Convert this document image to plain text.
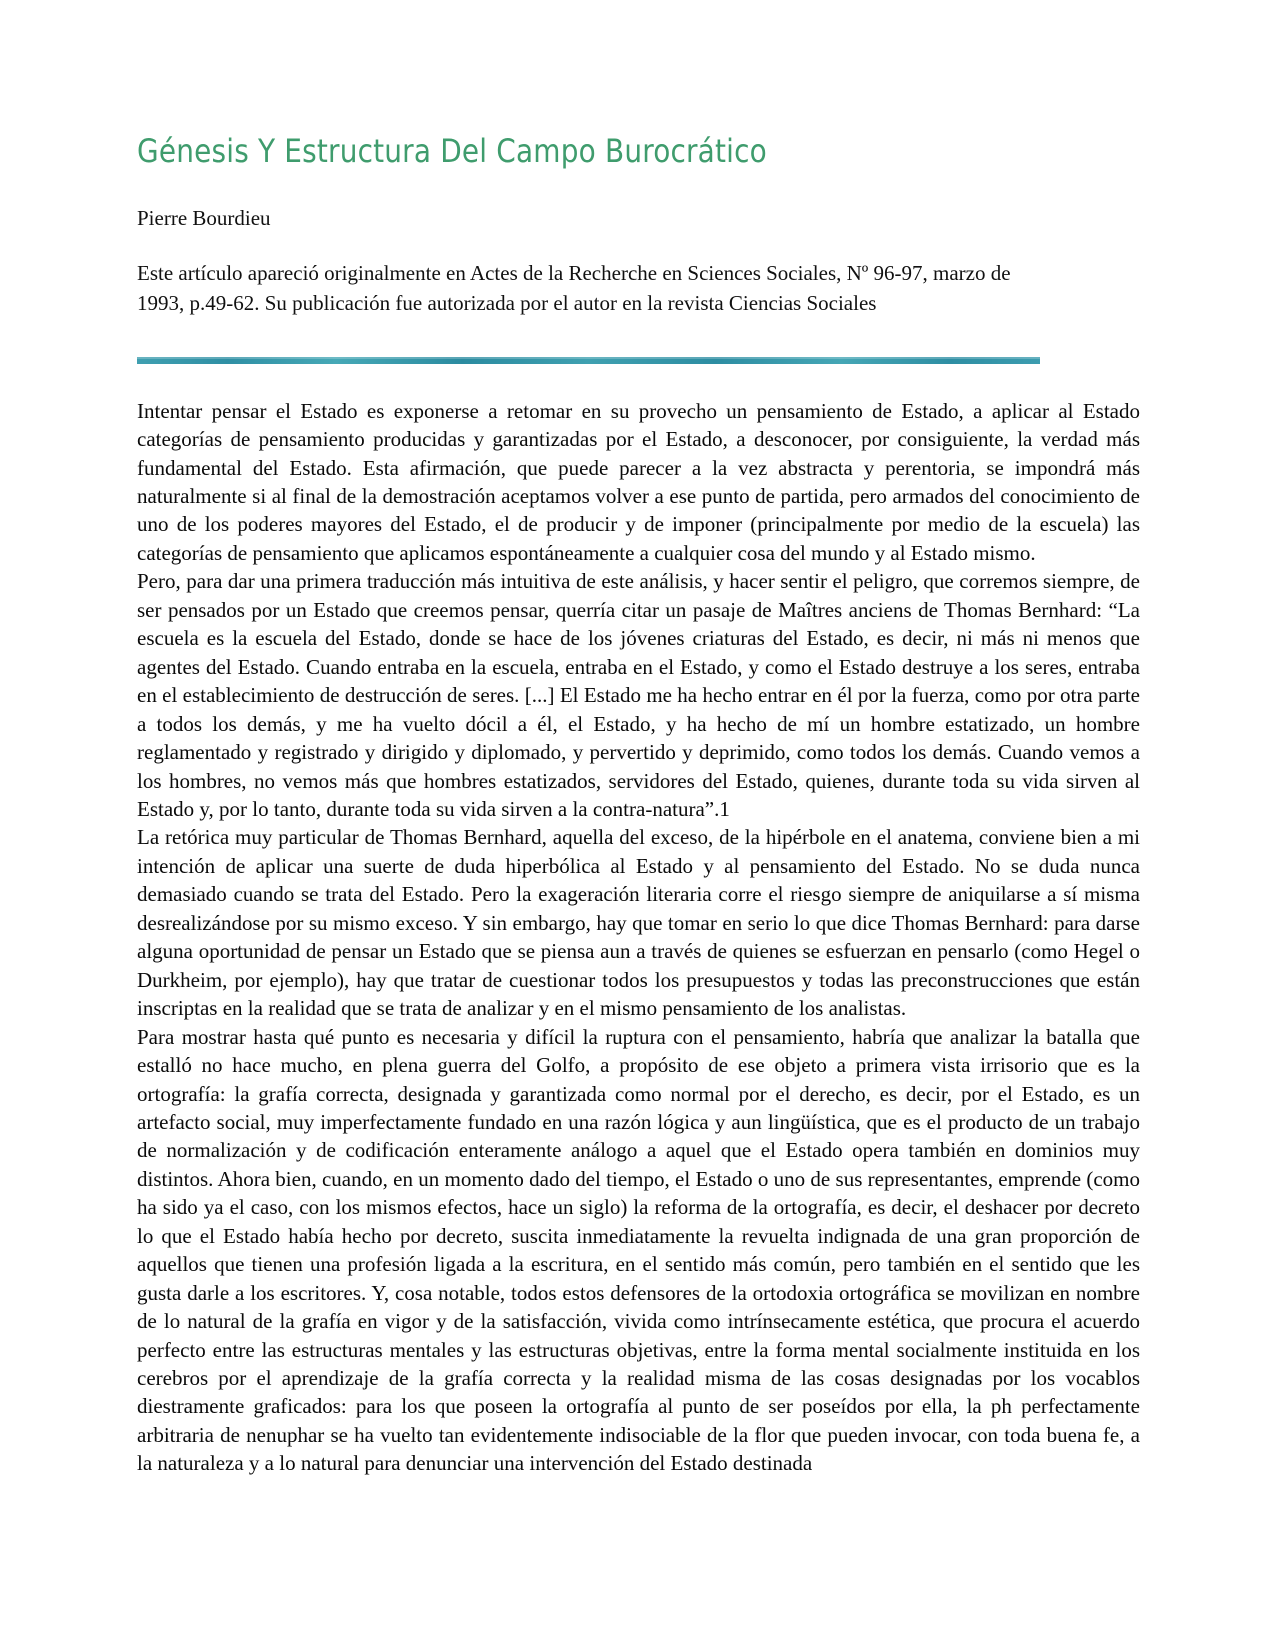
Génesis Y Estructura Del Campo Burocrático

Pierre Bourdieu

Este artículo apareció originalmente en Actes de la Recherche en Sciences Sociales, Nº 96-97, marzo de
1993, p.49-62. Su publicación fue autorizada por el autor en la revista Ciencias Sociales

Intentar pensar el Estado es exponerse a retomar en su provecho un pensamiento de Estado, a aplicar al Estado categorías de pensamiento producidas y garantizadas por el Estado, a desconocer, por consiguiente, la verdad más fundamental del Estado. Esta afirmación, que puede parecer a la vez abstracta y perentoria, se impondrá más naturalmente si al final de la demostración aceptamos volver a ese punto de partida, pero armados del conocimiento de uno de los poderes mayores del Estado, el de producir y de imponer (principalmente por medio de la escuela) las categorías de pensamiento que aplicamos espontáneamente a cualquier cosa del mundo y al Estado mismo.

Pero, para dar una primera traducción más intuitiva de este análisis, y hacer sentir el peligro, que corremos siempre, de ser pensados por un Estado que creemos pensar, querría citar un pasaje de Maîtres anciens de Thomas Bernhard: “La escuela es la escuela del Estado, donde se hace de los jóvenes criaturas del Estado, es decir, ni más ni menos que agentes del Estado. Cuando entraba en la escuela, entraba en el Estado, y como el Estado destruye a los seres, entraba en el establecimiento de destrucción de seres. [...] El Estado me ha hecho entrar en él por la fuerza, como por otra parte a todos los demás, y me ha vuelto dócil a él, el Estado, y ha hecho de mí un hombre estatizado, un hombre reglamentado y registrado y dirigido y diplomado, y pervertido y deprimido, como todos los demás. Cuando vemos a los hombres, no vemos más que hombres estatizados, servidores del Estado, quienes, durante toda su vida sirven al Estado y, por lo tanto, durante toda su vida sirven a la contra-natura”.1

La retórica muy particular de Thomas Bernhard, aquella del exceso, de la hipérbole en el anatema, conviene bien a mi intención de aplicar una suerte de duda hiperbólica al Estado y al pensamiento del Estado. No se duda nunca demasiado cuando se trata del Estado. Pero la exageración literaria corre el riesgo siempre de aniquilarse a sí misma desrealizándose por su mismo exceso. Y sin embargo, hay que tomar en serio lo que dice Thomas Bernhard: para darse alguna oportunidad de pensar un Estado que se piensa aun a través de quienes se esfuerzan en pensarlo (como Hegel o Durkheim, por ejemplo), hay que tratar de cuestionar todos los presupuestos y todas las preconstrucciones que están inscriptas en la realidad que se trata de analizar y en el mismo pensamiento de los analistas.

Para mostrar hasta qué punto es necesaria y difícil la ruptura con el pensamiento, habría que analizar la batalla que estalló no hace mucho, en plena guerra del Golfo, a propósito de ese objeto a primera vista irrisorio que es la ortografía: la grafía correcta, designada y garantizada como normal por el derecho, es decir, por el Estado, es un artefacto social, muy imperfectamente fundado en una razón lógica y aun lingüística, que es el producto de un trabajo de normalización y de codificación enteramente análogo a aquel que el Estado opera también en dominios muy distintos. Ahora bien, cuando, en un momento dado del tiempo, el Estado o uno de sus representantes, emprende (como ha sido ya el caso, con los mismos efectos, hace un siglo) la reforma de la ortografía, es decir, el deshacer por decreto lo que el Estado había hecho por decreto, suscita inmediatamente la revuelta indignada de una gran proporción de aquellos que tienen una profesión ligada a la escritura, en el sentido más común, pero también en el sentido que les gusta darle a los escritores. Y, cosa notable, todos estos defensores de la ortodoxia ortográfica se movilizan en nombre de lo natural de la grafía en vigor y de la satisfacción, vivida como intrínsecamente estética, que procura el acuerdo perfecto entre las estructuras mentales y las estructuras objetivas, entre la forma mental socialmente instituida en los cerebros por el aprendizaje de la grafía correcta y la realidad misma de las cosas designadas por los vocablos diestramente graficados: para los que poseen la ortografía al punto de ser poseídos por ella, la ph perfectamente arbitraria de nenuphar se ha vuelto tan evidentemente indisociable de la flor que pueden invocar, con toda buena fe, a la naturaleza y a lo natural para denunciar una intervención del Estado destinada
